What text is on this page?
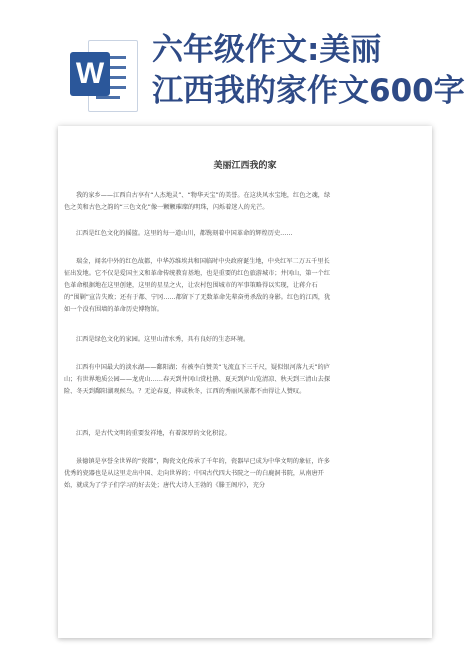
W
六年级作文:美丽
江西我的家作文600字
美丽江西我的家

我的家乡——江西自古享有“人杰地灵”、“物华天宝”的美誉。在这块风水宝地，红色之魂，绿色之美和古色之韵的“三色文化”像一颗颗璀璨的明珠，闪烁着迷人的光芒。

江西是红色文化的摇篮。这里的每一道山川，都镌刻着中国革命的辉煌历史……

瑞金，闻名中外的红色故都，中华苏维埃共和国临时中央政府诞生地，中央红军二万五千里长征出发地。它不仅是爱国主义和革命传统教育基地，也是重要的红色旅游城市；井冈山，第一个红色革命根据地在这里创建，这里的星星之火，让农村包围城市的军事策略得以实现，让蒋介石的“围剿”宣告失败；还有于都、宁冈……都留下了无数革命先辈奋勇杀敌的身影。红色的江西，犹如一个没有围墙的革命历史博物馆。

江西是绿色文化的家园。这里山清水秀，具有良好的生态环境。

江西有中国最大的淡水湖——鄱阳湖；有被李白赞美“飞流直下三千尺，疑似银河落九天”的庐山；有世界地质公园——龙虎山……春天到井冈山赏杜鹃、夏天到庐山览清凉、秋天到三清山去探险、冬天到鄱阳湖观候鸟。？无论春夏，抑或秋冬，江西的秀丽风景都不由得让人赞叹。

江西，是古代文明的重要发祥地，有着深厚的文化积淀。

景德镇是享誉全世界的“瓷都”，陶瓷文化传承了千年的，瓷器早已成为中华文明的象征，许多优秀的瓷器也是从这里走出中国、走向世界的；中国古代四大书院之一的白鹿洞书院，从南唐开始，就成为了学子们学习的好去处；唐代大诗人王勃的《滕王阁序》，充分
